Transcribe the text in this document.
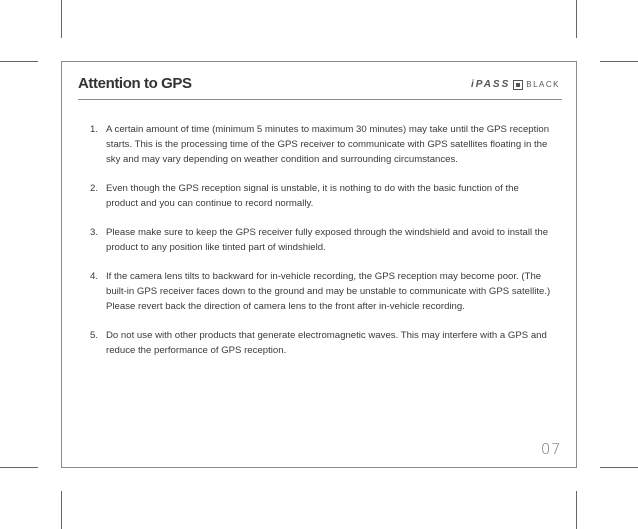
Attention to GPS	iPASS BLACK
1. A certain amount of time (minimum 5 minutes to maximum 30 minutes) may take until the GPS reception starts. This is the processing time of the GPS receiver to communicate with GPS satellites floating in the sky and may vary depending on weather condition and surrounding circumstances.
2. Even though the GPS reception signal is unstable, it is nothing to do with the basic function of the product and you can continue to record normally.
3. Please make sure to keep the GPS receiver fully exposed through the windshield and avoid to install the product to any position like tinted part of windshield.
4. If the camera lens tilts to backward for in-vehicle recording, the GPS reception may become poor. (The built-in GPS receiver faces down to the ground and may be unstable to communicate with GPS satellite.) Please revert back the direction of camera lens to the front after in-vehicle recording.
5. Do not use with other products that generate electromagnetic waves. This may interfere with a GPS and reduce the performance of GPS reception.
07
